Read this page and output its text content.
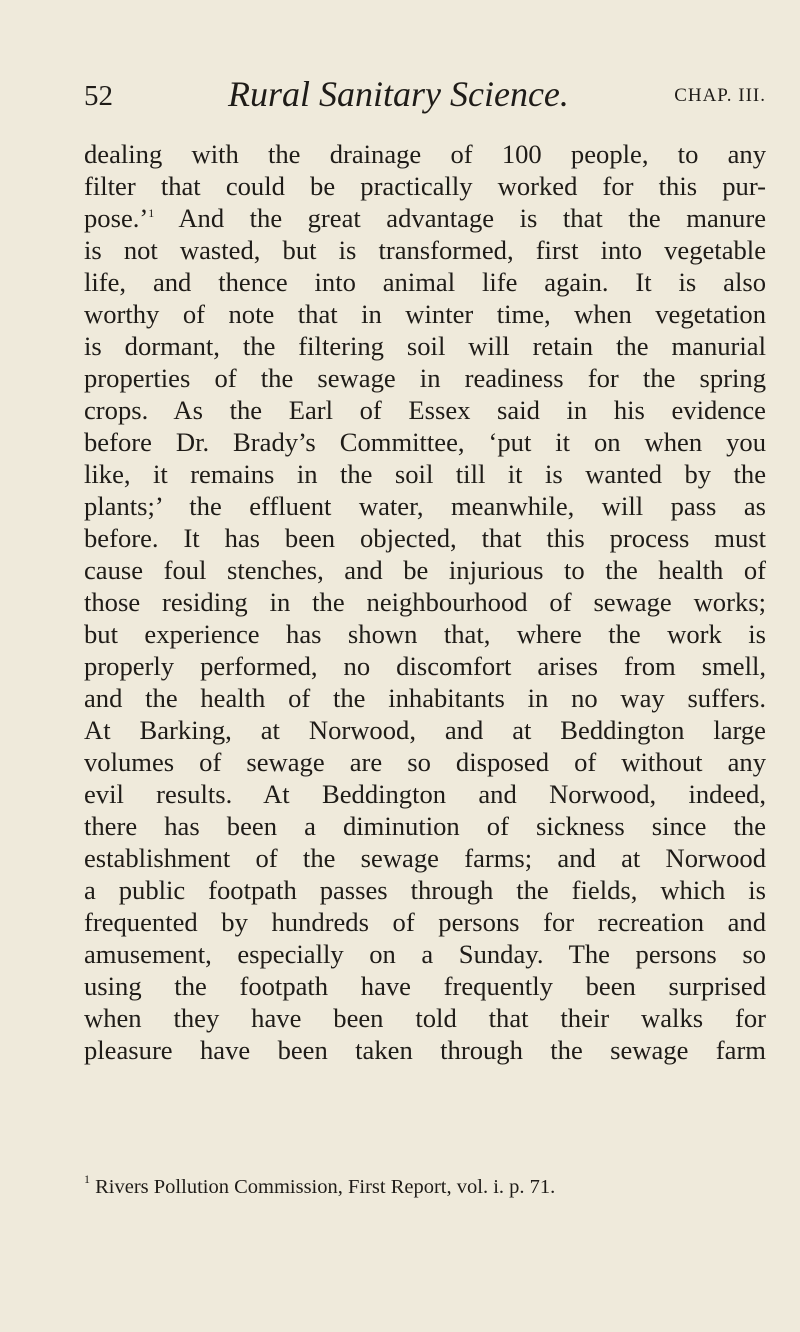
52	Rural Sanitary Science.	CHAP. III.
dealing with the drainage of 100 people, to any
filter that could be practically worked for this pur-
pose.’$^1$ And the great advantage is that the manure
is not wasted, but is transformed, first into vegetable
life, and thence into animal life again. It is also
worthy of note that in winter time, when vegetation
is dormant, the filtering soil will retain the manurial
properties of the sewage in readiness for the spring
crops. As the Earl of Essex said in his evidence
before Dr. Brady’s Committee, ‘put it on when you
like, it remains in the soil till it is wanted by the
plants;’ the effluent water, meanwhile, will pass as
before. It has been objected, that this process must
cause foul stenches, and be injurious to the health of
those residing in the neighbourhood of sewage works;
but experience has shown that, where the work is
properly performed, no discomfort arises from smell,
and the health of the inhabitants in no way suffers.
At Barking, at Norwood, and at Beddington large
volumes of sewage are so disposed of without any
evil results. At Beddington and Norwood, indeed,
there has been a diminution of sickness since the
establishment of the sewage farms; and at Norwood
a public footpath passes through the fields, which is
frequented by hundreds of persons for recreation and
amusement, especially on a Sunday. The persons so
using the footpath have frequently been surprised
when they have been told that their walks for
pleasure have been taken through the sewage farm
$^1$ Rivers Pollution Commission, First Report, vol. i. p. 71.
